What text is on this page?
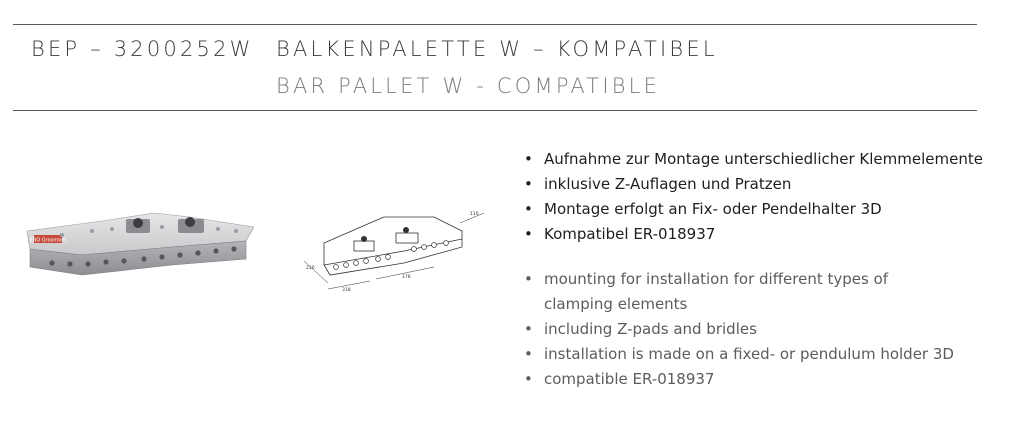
BEP – 3200252W BALKENPALETTE W – KOMPATIBEL
BAR PALLET W - COMPATIBLE
ERO Grosmont
210
318
176
110
• Aufnahme zur Montage unterschiedlicher Klemmelemente
• inklusive Z-Auflagen und Pratzen
• Montage erfolgt an Fix- oder Pendelhalter 3D
• Kompatibel ER-018937
• mounting for installation for different types of clamping elements
• including Z-pads and bridles
• installation is made on a fixed- or pendulum holder 3D
• compatible ER-018937
